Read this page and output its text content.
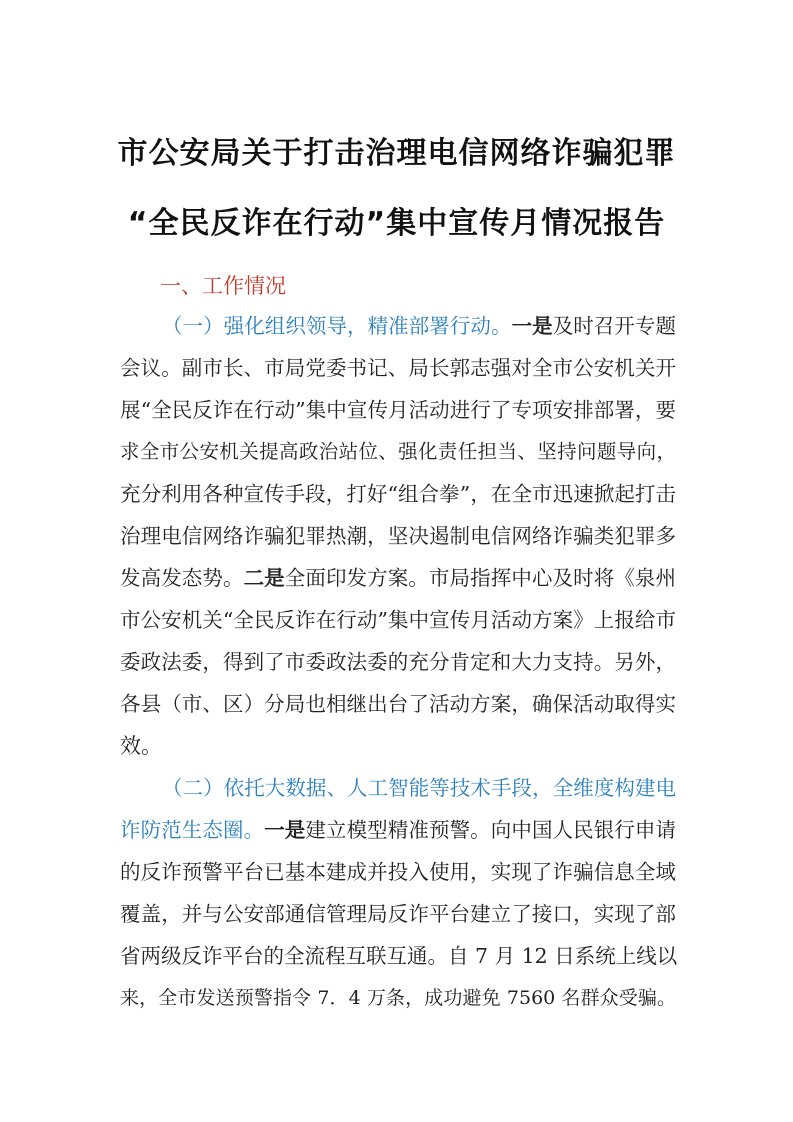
市公安局关于打击治理电信网络诈骗犯罪
“全民反诈在行动”集中宣传月情况报告
一、工作情况
（一）强化组织领导，精准部署行动。一是及时召开专题
会议。副市长、市局党委书记、局长郭志强对全市公安机关开
展“全民反诈在行动”集中宣传月活动进行了专项安排部署，要
求全市公安机关提高政治站位、强化责任担当、坚持问题导向，
充分利用各种宣传手段，打好“组合拳”，在全市迅速掀起打击
治理电信网络诈骗犯罪热潮，坚决遏制电信网络诈骗类犯罪多
发高发态势。二是全面印发方案。市局指挥中心及时将《泉州
市公安机关“全民反诈在行动”集中宣传月活动方案》上报给市
委政法委，得到了市委政法委的充分肯定和大力支持。另外，
各县（市、区）分局也相继出台了活动方案，确保活动取得实
效。
（二）依托大数据、人工智能等技术手段，全维度构建电
诈防范生态圈。一是建立模型精准预警。向中国人民银行申请
的反诈预警平台已基本建成并投入使用，实现了诈骗信息全域
覆盖，并与公安部通信管理局反诈平台建立了接口，实现了部
省两级反诈平台的全流程互联互通。自 7 月 12 日系统上线以
来，全市发送预警指令 7．4 万条，成功避免 7560 名群众受骗。
